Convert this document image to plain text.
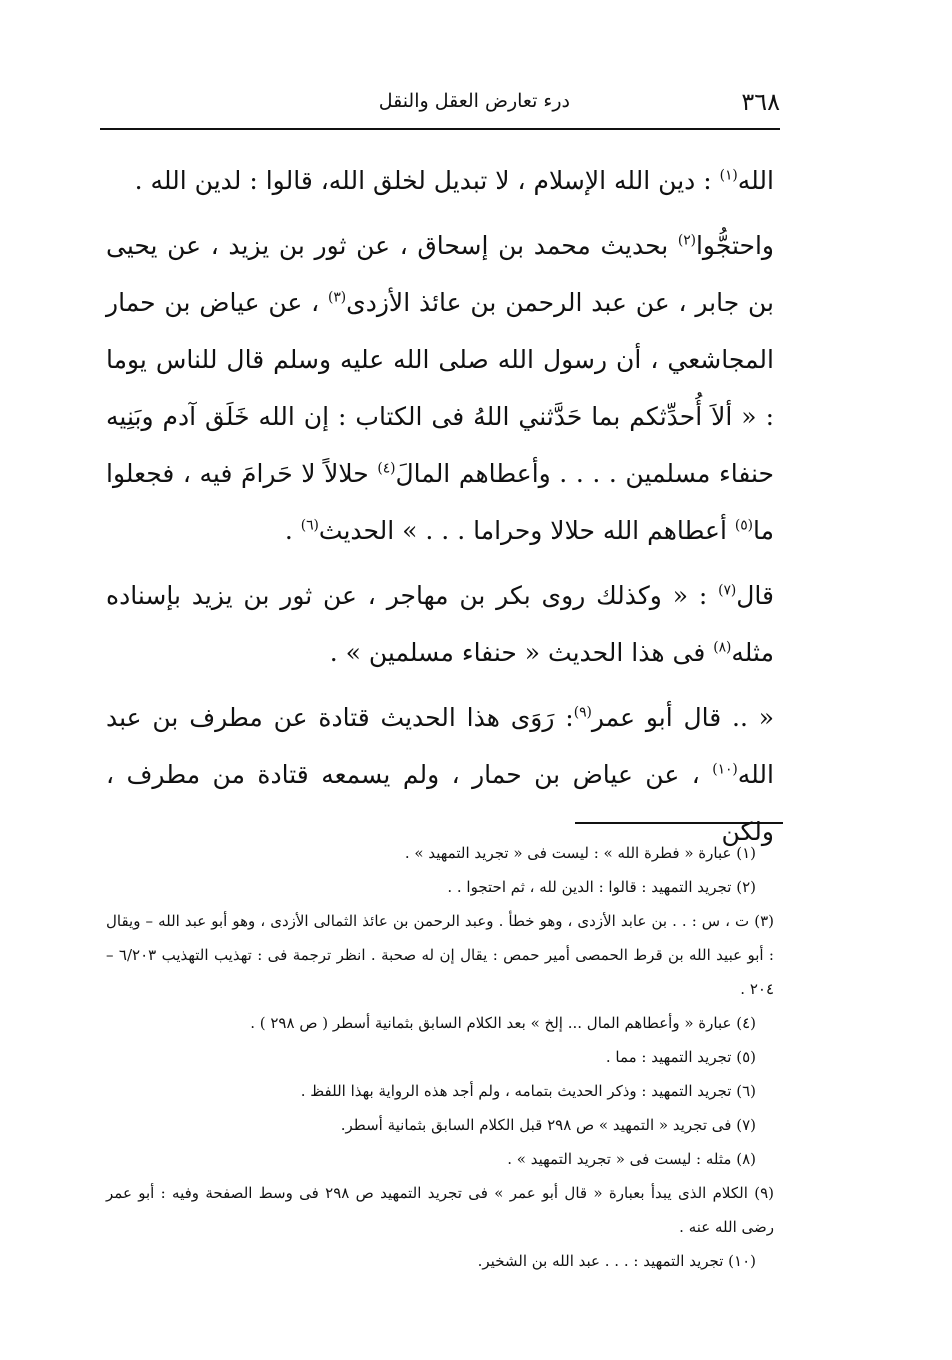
٣٦٨
درء تعارض العقل والنقل

الله$^{(١)}$ : دين الله الإسلام ، لا تبديل لخلق الله، قالوا : لدين الله .

واحتجُّوا$^{(٢)}$ بحديث محمد بن إسحاق ، عن ثور بن يزيد ، عن يحيى بن جابر ، عن عبد الرحمن بن عائذ الأزدى$^{(٣)}$ ، عن عياض بن حمار المجاشعي ، أن رسول الله صلى الله عليه وسلم قال للناس يوما : « ألاَ أُحدِّثكم بما حَدَّثني اللهُ فى الكتاب : إن الله خَلَق آدم وبَنِيه حنفاء مسلمين . . . . وأعطاهم المالَ$^{(٤)}$ حلالاً لا حَرامَ فيه ، فجعلوا ما$^{(٥)}$ أعطاهم الله حلالا وحراما . . . » الحديث$^{(٦)}$ .

قال$^{(٧)}$ : « وكذلك روى بكر بن مهاجر ، عن ثور بن يزيد بإسناده مثله$^{(٨)}$ فى هذا الحديث « حنفاء مسلمين » .

« .. قال أبو عمر$^{(٩)}$: رَوَى هذا الحديث قتادة عن مطرف بن عبد الله$^{(١٠)}$ ، عن عياض بن حمار ، ولم يسمعه قتادة من مطرف ، ولكن

(١) عبارة « فطرة الله » : ليست فى « تجريد التمهيد » .

(٢) تجريد التمهيد : قالوا : الدين لله ، ثم احتجوا . .

(٣) ت ، س : . . بن عابد الأزدى ، وهو خطأ . وعبد الرحمن بن عائذ الثمالى الأزدى ، وهو أبو عبد الله – ويقال : أبو عبيد الله بن قرط الحمصى أمير حمص : يقال إن له صحبة . انظر ترجمة فى : تهذيب التهذيب ٦/٢٠٣ – ٢٠٤ .

(٤) عبارة « وأعطاهم المال ... إلخ » بعد الكلام السابق بثمانية أسطر ( ص ٢٩٨ ) .

(٥) تجريد التمهيد : مما .

(٦) تجريد التمهيد : وذكر الحديث بتمامه ، ولم أجد هذه الرواية بهذا اللفظ .

(٧) فى تجريد « التمهيد » ص ٢٩٨ قبل الكلام السابق بثمانية أسطر.

(٨) مثله : ليست فى « تجريد التمهيد » .

(٩) الكلام الذى يبدأ بعبارة « قال أبو عمر » فى تجريد التمهيد ص ٢٩٨ فى وسط الصفحة وفيه : أبو عمر رضى الله عنه .

(١٠) تجريد التمهيد : . . . عبد الله بن الشخير.
